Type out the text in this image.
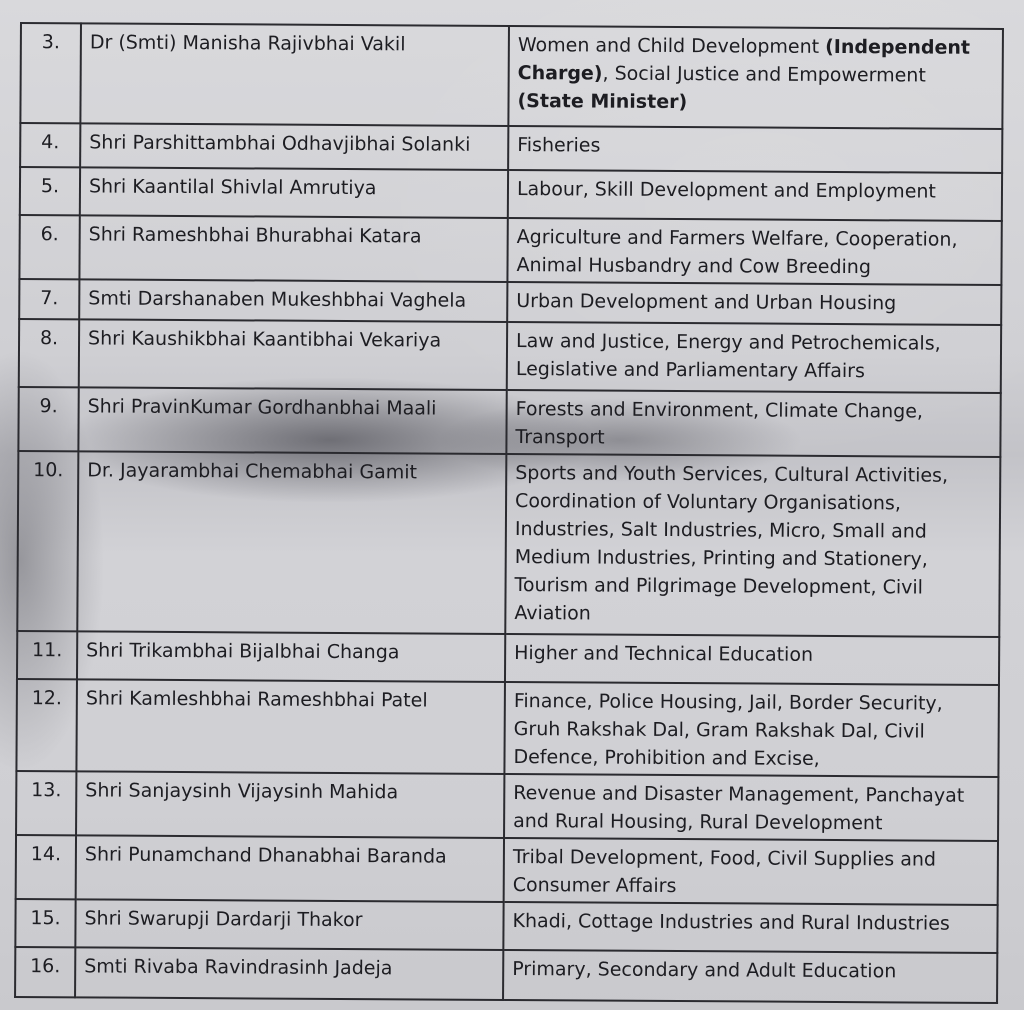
3.	Dr (Smti) Manisha Rajivbhai Vakil	Women and Child Development (Independent Charge), Social Justice and Empowerment (State Minister)
4.	Shri Parshittambhai Odhavjibhai Solanki	Fisheries
5.	Shri Kaantilal Shivlal Amrutiya	Labour, Skill Development and Employment
6.	Shri Rameshbhai Bhurabhai Katara	Agriculture and Farmers Welfare, Cooperation, Animal Husbandry and Cow Breeding
7.	Smti Darshanaben Mukeshbhai Vaghela	Urban Development and Urban Housing
8.	Shri Kaushikbhai Kaantibhai Vekariya	Law and Justice, Energy and Petrochemicals, Legislative and Parliamentary Affairs
9.	Shri PravinKumar Gordhanbhai Maali	Forests and Environment, Climate Change, Transport
10.	Dr. Jayarambhai Chemabhai Gamit	Sports and Youth Services, Cultural Activities, Coordination of Voluntary Organisations, Industries, Salt Industries, Micro, Small and Medium Industries, Printing and Stationery, Tourism and Pilgrimage Development, Civil Aviation
11.	Shri Trikambhai Bijalbhai Changa	Higher and Technical Education
12.	Shri Kamleshbhai Rameshbhai Patel	Finance, Police Housing, Jail, Border Security, Gruh Rakshak Dal, Gram Rakshak Dal, Civil Defence, Prohibition and Excise,
13.	Shri Sanjaysinh Vijaysinh Mahida	Revenue and Disaster Management, Panchayat and Rural Housing, Rural Development
14.	Shri Punamchand Dhanabhai Baranda	Tribal Development, Food, Civil Supplies and Consumer Affairs
15.	Shri Swarupji Dardarji Thakor	Khadi, Cottage Industries and Rural Industries
16.	Smti Rivaba Ravindrasinh Jadeja	Primary, Secondary and Adult Education
